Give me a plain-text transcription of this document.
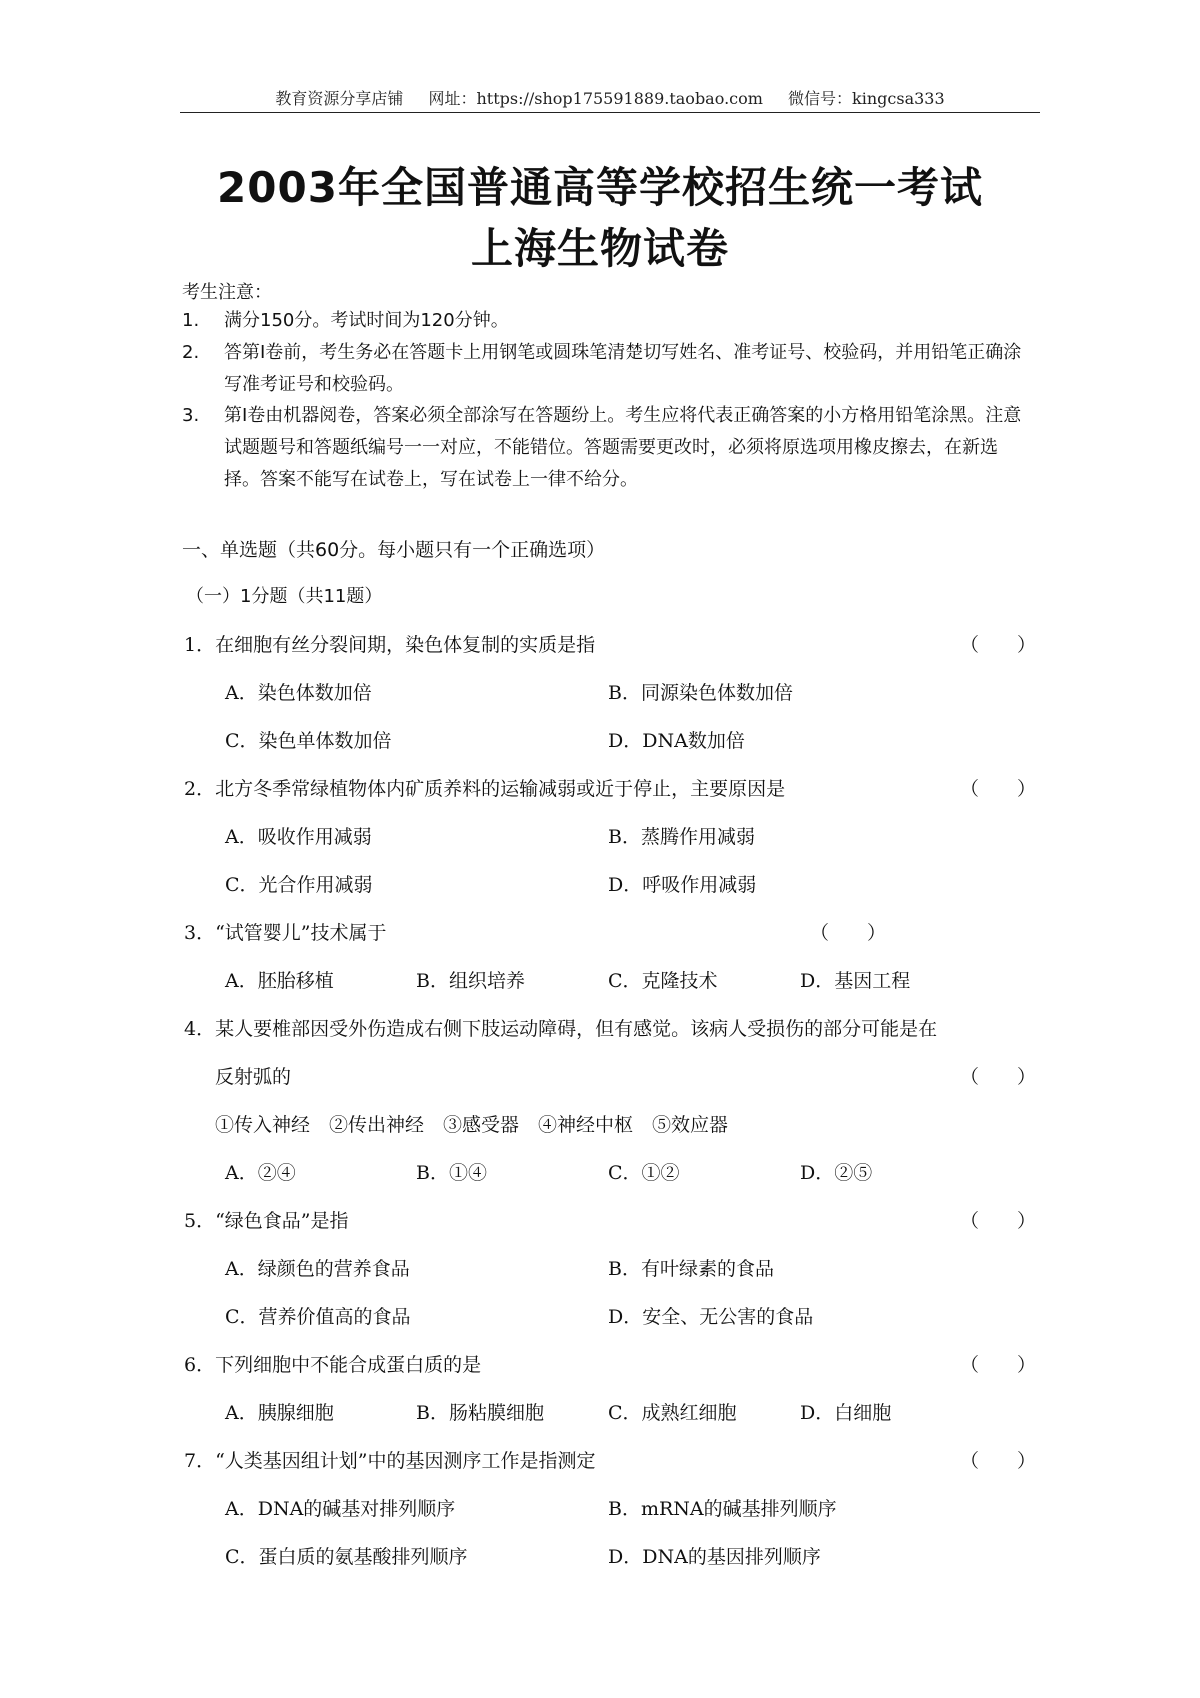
教育资源分享店铺 网址：https://shop175591889.taobao.com 微信号：kingcsa333
2003年全国普通高等学校招生统一考试
上海生物试卷
考生注意：
1. 满分150分。考试时间为120分钟。
2. 答第Ⅰ卷前，考生务必在答题卡上用钢笔或圆珠笔清楚切写姓名、准考证号、校验码，并用铅笔正确涂写准考证号和校验码。
3. 第Ⅰ卷由机器阅卷，答案必须全部涂写在答题纷上。考生应将代表正确答案的小方格用铅笔涂黑。注意试题题号和答题纸编号一一对应，不能错位。答题需要更改时，必须将原选项用橡皮擦去，在新选择。答案不能写在试卷上，写在试卷上一律不给分。
一、单选题（共60分。每小题只有一个正确选项）
（一）1分题（共11题）
1．在细胞有丝分裂间期，染色体复制的实质是指	（　　）
A．染色体数加倍	B．同源染色体数加倍
C．染色单体数加倍	D．DNA数加倍
2．北方冬季常绿植物体内矿质养料的运输减弱或近于停止，主要原因是	（　　）
A．吸收作用减弱	B．蒸腾作用减弱
C．光合作用减弱	D．呼吸作用减弱
3．“试管婴儿”技术属于	（　　）
A．胚胎移植	B．组织培养	C．克隆技术	D．基因工程
4．某人要椎部因受外伤造成右侧下肢运动障碍，但有感觉。该病人受损伤的部分可能是在
反射弧的	（　　）
①传入神经　②传出神经　③感受器　④神经中枢　⑤效应器
A．②④	B．①④	C．①②	D．②⑤
5．“绿色食品”是指	（　　）
A．绿颜色的营养食品	B．有叶绿素的食品
C．营养价值高的食品	D．安全、无公害的食品
6．下列细胞中不能合成蛋白质的是	（　　）
A．胰腺细胞	B．肠粘膜细胞	C．成熟红细胞	D．白细胞
7．“人类基因组计划”中的基因测序工作是指测定	（　　）
A．DNA的碱基对排列顺序	B．mRNA的碱基排列顺序
C．蛋白质的氨基酸排列顺序	D．DNA的基因排列顺序
